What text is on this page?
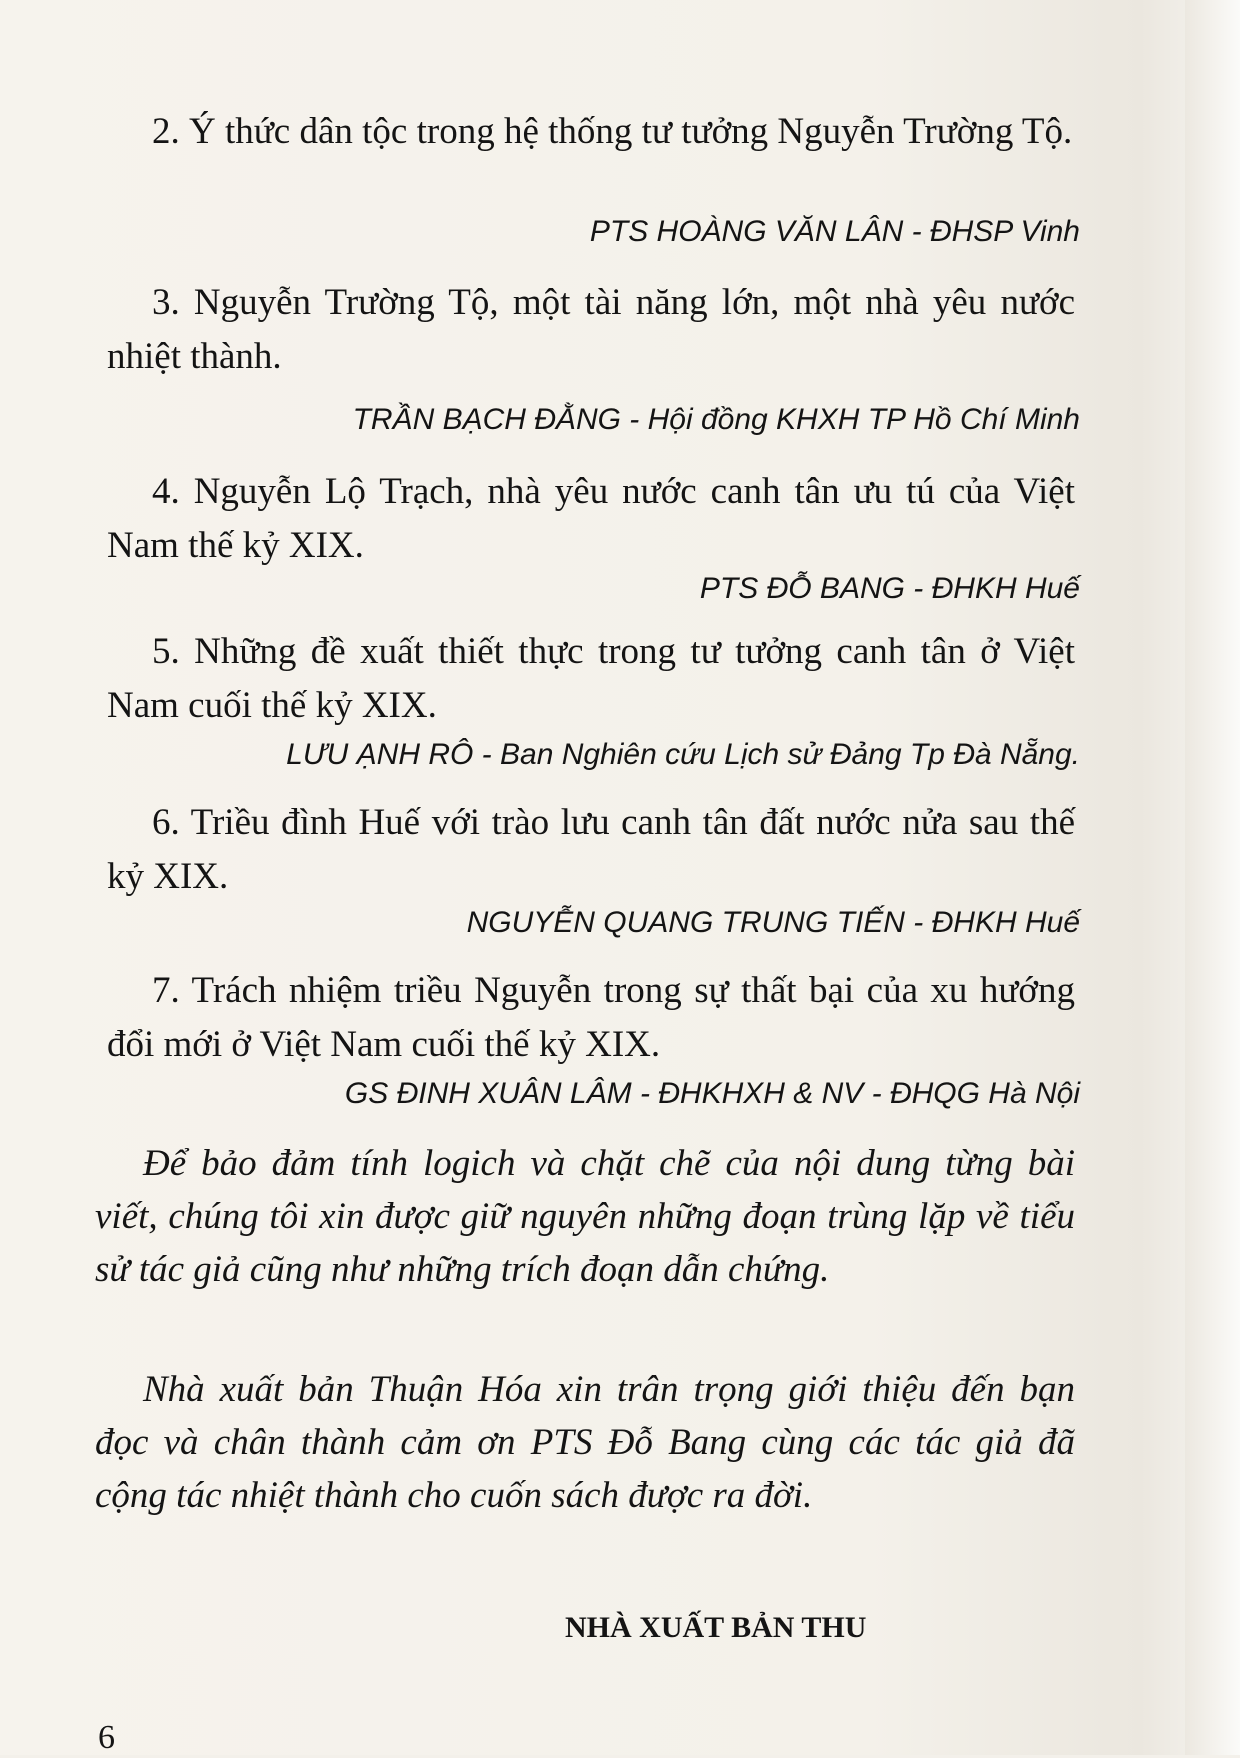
2. Ý thức dân tộc trong hệ thống tư tưởng Nguyễn Trường Tộ.

PTS HOÀNG VĂN LÂN - ĐHSP Vinh

3. Nguyễn Trường Tộ, một tài năng lớn, một nhà yêu nước nhiệt thành.

TRẦN BẠCH ĐẰNG - Hội đồng KHXH TP Hồ Chí Minh

4. Nguyễn Lộ Trạch, nhà yêu nước canh tân ưu tú của Việt Nam thế kỷ XIX.

PTS ĐỖ BANG - ĐHKH Huế

5. Những đề xuất thiết thực trong tư tưởng canh tân ở Việt Nam cuối thế kỷ XIX.

LƯU ẠNH RÔ - Ban Nghiên cứu Lịch sử Đảng Tp Đà Nẵng.

6. Triều đình Huế với trào lưu canh tân đất nước nửa sau thế kỷ XIX.

NGUYỄN QUANG TRUNG TIẾN - ĐHKH Huế

7. Trách nhiệm triều Nguyễn trong sự thất bại của xu hướng đổi mới ở Việt Nam cuối thế kỷ XIX.

GS ĐINH XUÂN LÂM - ĐHKHXH & NV - ĐHQG Hà Nội

Để bảo đảm tính logich và chặt chẽ của nội dung từng bài viết, chúng tôi xin được giữ nguyên những đoạn trùng lặp về tiểu sử tác giả cũng như những trích đoạn dẫn chứng.

Nhà xuất bản Thuận Hóa xin trân trọng giới thiệu đến bạn đọc và chân thành cảm ơn PTS Đỗ Bang cùng các tác giả đã cộng tác nhiệt thành cho cuốn sách được ra đời.

NHÀ XUẤT BẢN THU

6
